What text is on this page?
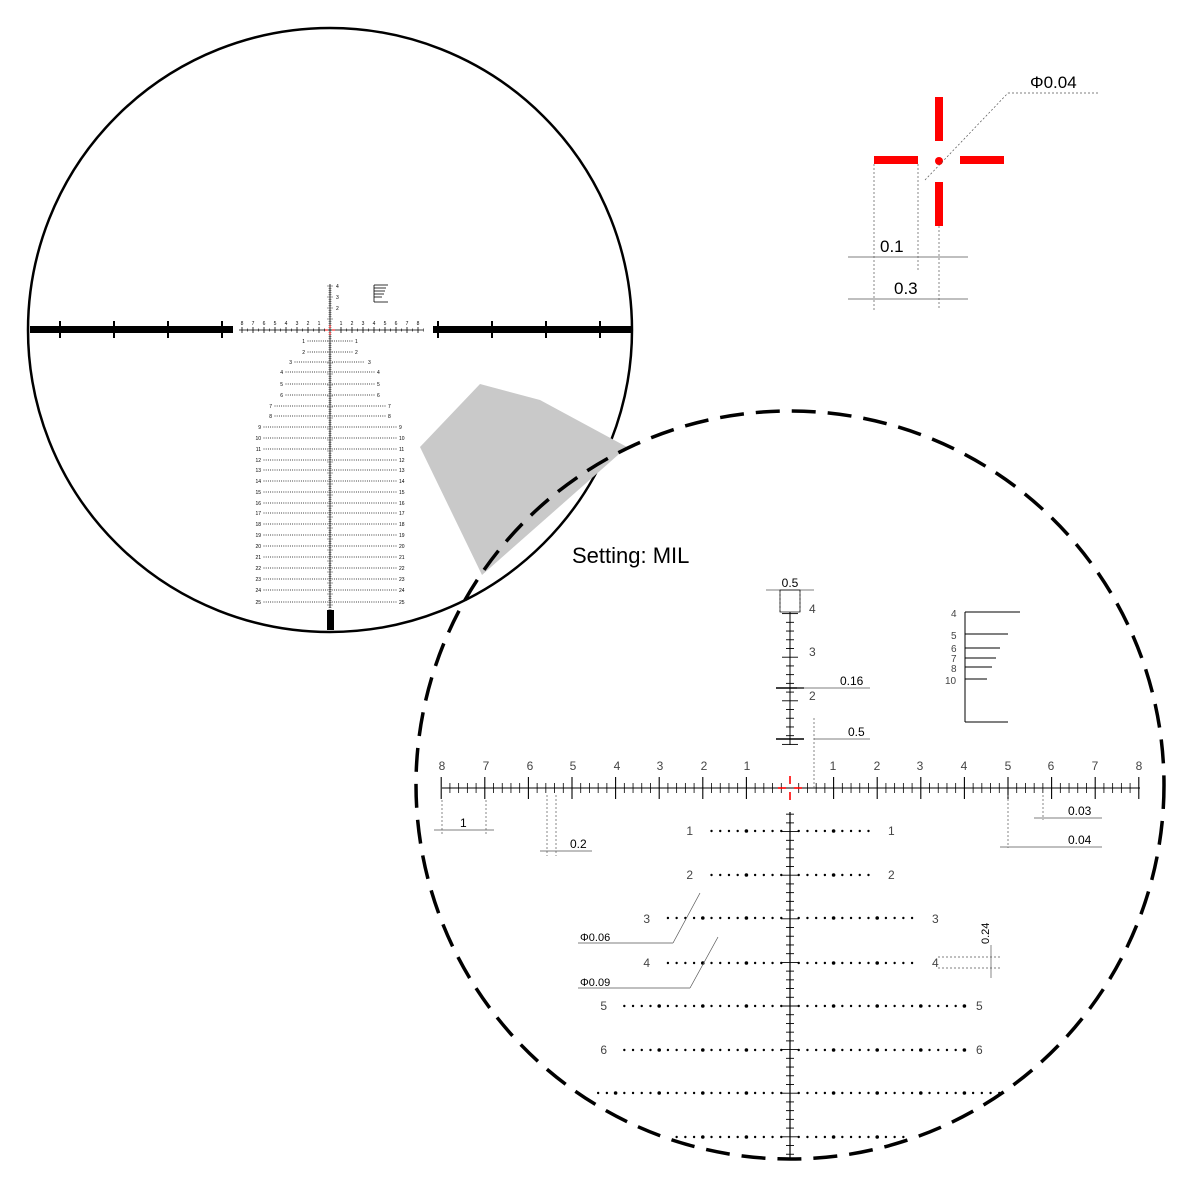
8 7 6 5 4 3 2 1	1 2 3 4 5 6 7 8
4
3
2
1	1
2	2
3	3
4	4
5	5
6	6
7	7
8	8
9	9
10	10
11	11
12	12
13	13
14	14
15	15
16	16
17	17
18	18
19	19
20	20
21	21
22	22
23	23
24	24
25	25
Setting: MIL
8	7	6	5	4	3	2	1	1	2	3	4	5	6	7	8
4
3
2
4
5
6
7
8
10
1	1
2	2
3	3
4	4
5	5
6	6
0.5
0.16
0.5
1
0.2
0.03
0.04
Φ0.06
Φ0.09
0.24
Φ0.04
0.1
0.3
